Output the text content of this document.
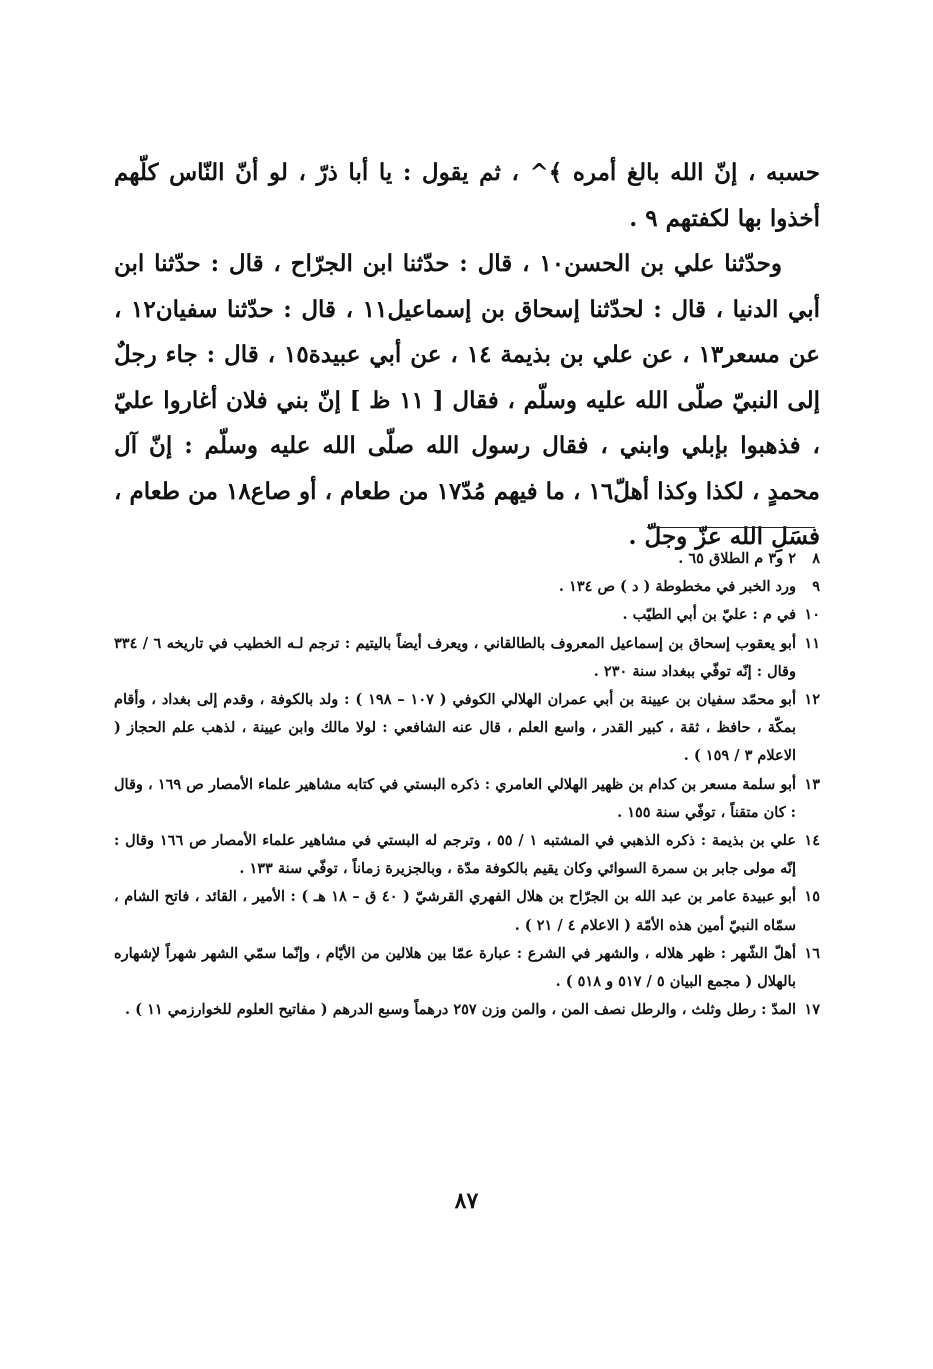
حسبه ، إنّ الله بالغ أمره ﴾^ ، ثم يقول : يا أبا ذرّ ، لو أنّ النّاس كلّهم أخذوا بها لكفتهم ٩ .

وحدّثنا علي بن الحسن١٠ ، قال : حدّثنا ابن الجرّاح ، قال : حدّثنا ابن أبي الدنيا ، قال : لحدّثنا إسحاق بن إسماعيل١١ ، قال : حدّثنا سفيان١٢ ، عن مسعر١٣ ، عن علي بن بذيمة ١٤ ، عن أبي عبيدة١٥ ، قال : جاء رجلٌ إلى النبيّ صلّى الله عليه وسلّم ، فقال [ ١١ ظ ] إنّ بني فلان أغاروا عليّ ، فذهبوا بإبلي وابني ، فقال رسول الله صلّى الله عليه وسلّم : إنّ آل محمدٍ ، لكذا وكذا أهلّ١٦ ، ما فيهم مُدّ١٧ من طعام ، أو صاع١٨ من طعام ، فسَلِ الله عزّ وجلّ .

٨
٢ و٣ م الطلاق ٦٥ .
٩
ورد الخبر في مخطوطة ( د ) ص ١٣٤ .
١٠
في م : عليّ بن أبي الطيّب .
١١
أبو يعقوب إسحاق بن إسماعيل المعروف بالطالقاني ، ويعرف أيضاً باليتيم : ترجم لـه الخطيب في تاريخه ٦ / ٣٣٤ وقال : إنّه توفّي ببغداد سنة ٢٣٠ .
١٢
أبو محمّد سفيان بن عيينة بن أبي عمران الهلالي الكوفي ( ١٠٧ – ١٩٨ ) : ولد بالكوفة ، وقدم إلى بغداد ، وأقام بمكّة ، حافظ ، ثقة ، كبير القدر ، واسع العلم ، قال عنه الشافعي : لولا مالك وابن عيينة ، لذهب علم الحجاز ( الاعلام ٣ / ١٥٩ ) .
١٣
أبو سلمة مسعر بن كدام بن ظهير الهلالي العامري : ذكره البستي في كتابه مشاهير علماء الأمصار ص ١٦٩ ، وقال : كان متقناً ، توفّي سنة ١٥٥ .
١٤
علي بن بذيمة : ذكره الذهبي في المشتبه ١ / ٥٥ ، وترجم له البستي في مشاهير علماء الأمصار ص ١٦٦ وقال : إنّه مولى جابر بن سمرة السوائي وكان يقيم بالكوفة مدّة ، وبالجزيرة زماناً ، توفّي سنة ١٣٣ .
١٥
أبو عبيدة عامر بن عبد الله بن الجرّاح بن هلال الفهري القرشيّ ( ٤٠ ق – ١٨ هـ ) : الأمير ، القائد ، فاتح الشام ، سمّاه النبيّ أمين هذه الأمّة ( الاعلام ٤ / ٢١ ) .
١٦
أهلّ الشّهر : ظهر هلاله ، والشهر في الشرع : عبارة عمّا بين هلالين من الأيّام ، وإنّما سمّي الشهر شهراً لإشهاره بالهلال ( مجمع البيان ٥ / ٥١٧ و ٥١٨ ) .
١٧
المدّ : رطل وثلث ، والرطل نصف المن ، والمن وزن ٢٥٧ درهماً وسبع الدرهم ( مفاتيح العلوم للخوارزمي ١١ ) .
٨٧
